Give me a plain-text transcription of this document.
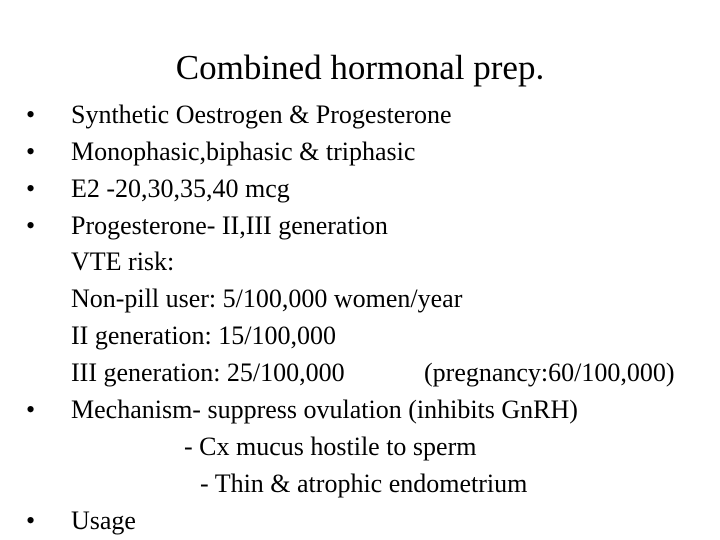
Combined hormonal prep.
• Synthetic Oestrogen & Progesterone
• Monophasic,biphasic & triphasic
• E2 -20,30,35,40 mcg
• Progesterone- II,III generation
VTE risk:
Non-pill user: 5/100,000 women/year
II generation: 15/100,000
III generation: 25/100,000	(pregnancy:60/100,000)
• Mechanism- suppress ovulation (inhibits GnRH)
- Cx mucus hostile to sperm
- Thin & atrophic endometrium
• Usage
